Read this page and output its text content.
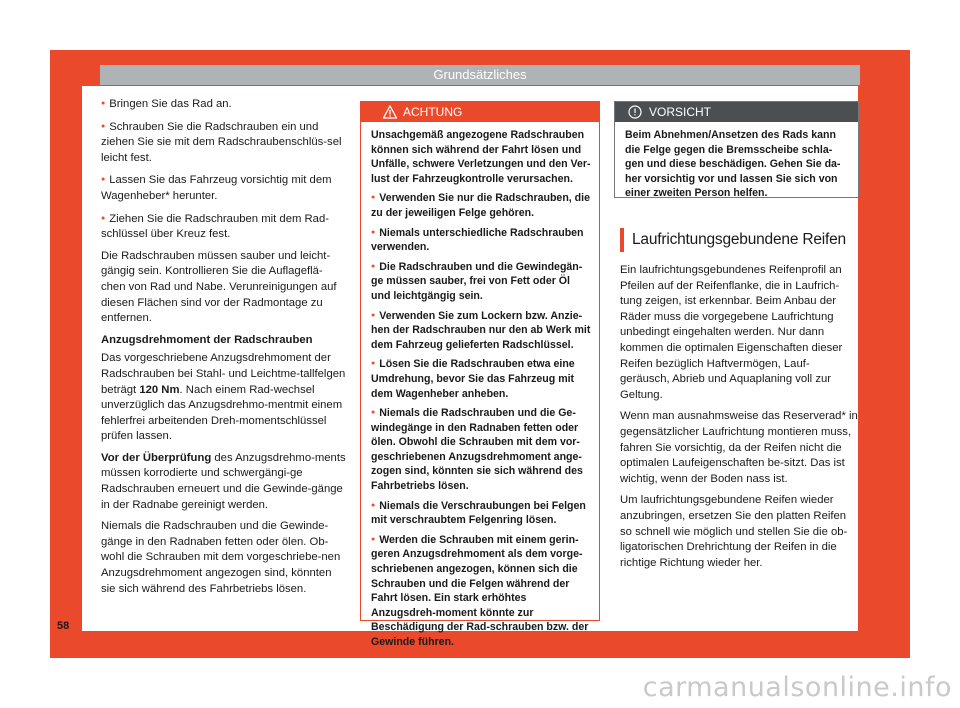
Grundsätzliches

● Bringen Sie das Rad an.

● Schrauben Sie die Radschrauben ein und ziehen Sie sie mit dem Radschraubenschlüs-sel leicht fest.

● Lassen Sie das Fahrzeug vorsichtig mit dem Wagenheber* herunter.

● Ziehen Sie die Radschrauben mit dem Rad-schlüssel über Kreuz fest.

Die Radschrauben müssen sauber und leicht-gängig sein. Kontrollieren Sie die Auflageflä-chen von Rad und Nabe. Verunreinigungen auf diesen Flächen sind vor der Radmontage zu entfernen.

Anzugsdrehmoment der Radschrauben

Das vorgeschriebene Anzugsdrehmoment der Radschrauben bei Stahl- und Leichtme-tallfelgen beträgt 120 Nm. Nach einem Rad-wechsel unverzüglich das Anzugsdrehmo-mentmit einem fehlerfrei arbeitenden Dreh-momentschlüssel prüfen lassen.

Vor der Überprüfung des Anzugsdrehmo-ments müssen korrodierte und schwergängi-ge Radschrauben erneuert und die Gewinde-gänge in der Radnabe gereinigt werden.

Niemals die Radschrauben und die Gewinde-gänge in den Radnaben fetten oder ölen. Ob-wohl die Schrauben mit dem vorgeschriebe-nen Anzugsdrehmoment angezogen sind, könnten sie sich während des Fahrbetriebs lösen.

58
ACHTUNG

Unsachgemäß angezogene Radschrauben können sich während der Fahrt lösen und Unfälle, schwere Verletzungen und den Ver-lust der Fahrzeugkontrolle verursachen.

● Verwenden Sie nur die Radschrauben, die zu der jeweiligen Felge gehören.

● Niemals unterschiedliche Radschrauben verwenden.

● Die Radschrauben und die Gewindegän-ge müssen sauber, frei von Fett oder Öl und leichtgängig sein.

● Verwenden Sie zum Lockern bzw. Anzie-hen der Radschrauben nur den ab Werk mit dem Fahrzeug gelieferten Radschlüssel.

● Lösen Sie die Radschrauben etwa eine Umdrehung, bevor Sie das Fahrzeug mit dem Wagenheber anheben.

● Niemals die Radschrauben und die Ge-windegänge in den Radnaben fetten oder ölen. Obwohl die Schrauben mit dem vor-geschriebenen Anzugsdrehmoment ange-zogen sind, könnten sie sich während des Fahrbetriebs lösen.

● Niemals die Verschraubungen bei Felgen mit verschraubtem Felgenring lösen.

● Werden die Schrauben mit einem gerin-geren Anzugsdrehmoment als dem vorge-schriebenen angezogen, können sich die Schrauben und die Felgen während der Fahrt lösen. Ein stark erhöhtes Anzugsdreh-moment könnte zur Beschädigung der Rad-schrauben bzw. der Gewinde führen.

VORSICHT
Beim Abnehmen/Ansetzen des Rads kann die Felge gegen die Bremsscheibe schla-gen und diese beschädigen. Gehen Sie da-her vorsichtig vor und lassen Sie sich von einer zweiten Person helfen.
Laufrichtungsgebundene Reifen

Ein laufrichtungsgebundenes Reifenprofil an Pfeilen auf der Reifenflanke, die in Laufrich-tung zeigen, ist erkennbar. Beim Anbau der Räder muss die vorgegebene Laufrichtung unbedingt eingehalten werden. Nur dann kommen die optimalen Eigenschaften dieser Reifen bezüglich Haftvermögen, Lauf-geräusch, Abrieb und Aquaplaning voll zur Geltung.

Wenn man ausnahmsweise das Reserverad* in gegensätzlicher Laufrichtung montieren muss, fahren Sie vorsichtig, da der Reifen nicht die optimalen Laufeigenschaften be-sitzt. Das ist wichtig, wenn der Boden nass ist.

Um laufrichtungsgebundene Reifen wieder anzubringen, ersetzen Sie den platten Reifen so schnell wie möglich und stellen Sie die ob-ligatorischen Drehrichtung der Reifen in die richtige Richtung wieder her.

carmanualsonline.info
